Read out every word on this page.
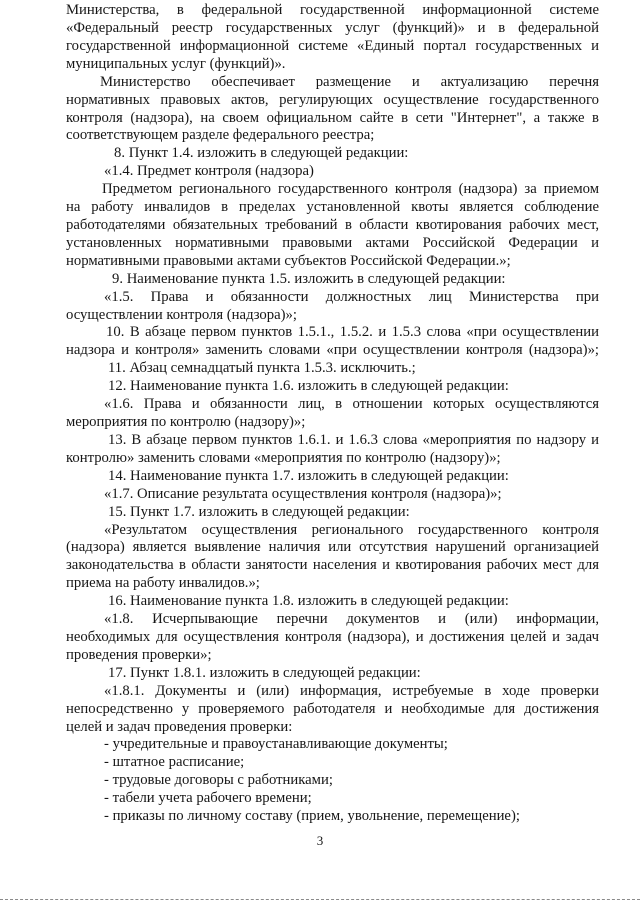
Министерства, в федеральной государственной информационной системе
«Федеральный реестр государственных услуг (функций)» и в федеральной
государственной информационной системе «Единый портал государственных и
муниципальных услуг (функций)».
Министерство обеспечивает размещение и актуализацию перечня
нормативных правовых актов, регулирующих осуществление государственного
контроля (надзора), на своем официальном сайте в сети "Интернет", а также в
соответствующем разделе федерального реестра;
8. Пункт 1.4. изложить в следующей редакции:
«1.4. Предмет контроля (надзора)
Предметом регионального государственного контроля (надзора) за приемом
на работу инвалидов в пределах установленной квоты является соблюдение
работодателями обязательных требований в области квотирования рабочих мест,
установленных нормативными правовыми актами Российской Федерации и
нормативными правовыми актами субъектов Российской Федерации.»;
9. Наименование пункта 1.5. изложить в следующей редакции:
«1.5. Права и обязанности должностных лиц Министерства при
осуществлении контроля (надзора)»;
10. В абзаце первом пунктов 1.5.1., 1.5.2. и 1.5.3 слова «при осуществлении
надзора и контроля» заменить словами «при осуществлении контроля (надзора)»;
11. Абзац семнадцатый пункта 1.5.3. исключить.;
12. Наименование пункта 1.6. изложить в следующей редакции:
«1.6. Права и обязанности лиц, в отношении которых осуществляются
мероприятия по контролю (надзору)»;
13. В абзаце первом пунктов 1.6.1. и 1.6.3 слова «мероприятия по надзору и
контролю» заменить словами «мероприятия по контролю (надзору)»;
14. Наименование пункта 1.7. изложить в следующей редакции:
«1.7. Описание результата осуществления контроля (надзора)»;
15. Пункт 1.7. изложить в следующей редакции:
«Результатом осуществления регионального государственного контроля
(надзора) является выявление наличия или отсутствия нарушений организацией
законодательства в области занятости населения и квотирования рабочих мест для
приема на работу инвалидов.»;
16. Наименование пункта 1.8. изложить в следующей редакции:
«1.8. Исчерпывающие перечни документов и (или) информации,
необходимых для осуществления контроля (надзора), и достижения целей и задач
проведения проверки»;
17. Пункт 1.8.1. изложить в следующей редакции:
«1.8.1. Документы и (или) информация, истребуемые в ходе проверки
непосредственно у проверяемого работодателя и необходимые для достижения
целей и задач проведения проверки:
- учредительные и правоустанавливающие документы;
- штатное расписание;
- трудовые договоры с работниками;
- табели учета рабочего времени;
- приказы по личному составу (прием, увольнение, перемещение);
3
